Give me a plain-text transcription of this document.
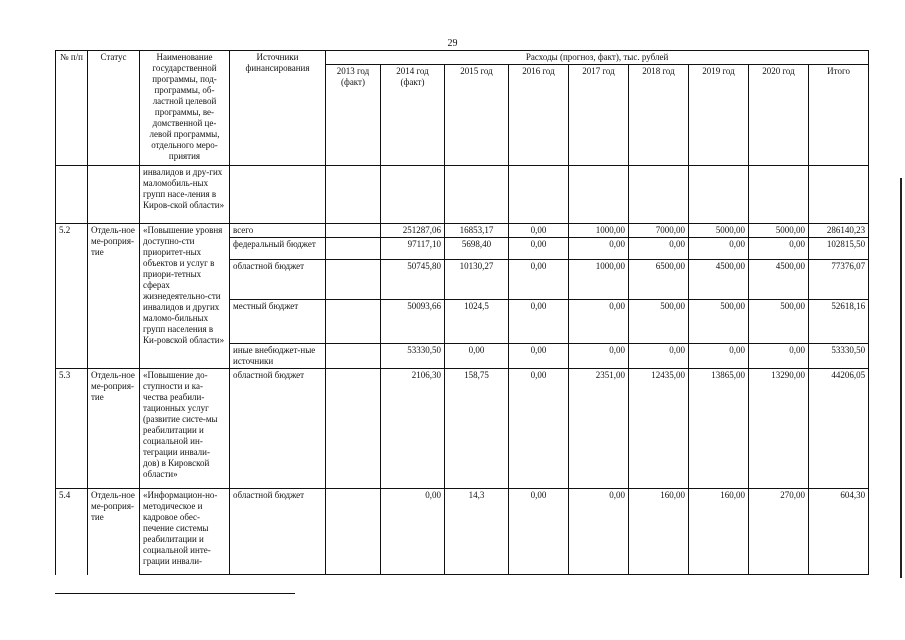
29
№ п/п	Статус	Наименование государственной программы, под-программы, об-ластной целевой программы, ве-домственной це-левой программы, отдельного меро-приятия	Источники финансирования	Расходы (прогноз, факт), тыс. рублей								
				2013 год (факт)	2014 год (факт)	2015 год	2016 год	2017 год	2018 год	2019 год	2020 год	Итого
		инвалидов и дру-гих маломобиль-ных групп насе-ления в Киров-ской области»										
5.2	Отдель-ное ме-роприя-тие	«Повышение уровня доступно-сти приоритет-ных объектов и услуг в приори-тетных сферах жизнедеятельно-сти инвалидов и других маломо-бильных групп населения в Ки-ровской области»	всего		251287,06	16853,17	0,00	1000,00	7000,00	5000,00	5000,00	286140,23
			федеральный бюджет		97117,10	5698,40	0,00	0,00	0,00	0,00	0,00	102815,50
			областной бюджет		50745,80	10130,27	0,00	1000,00	6500,00	4500,00	4500,00	77376,07
			местный бюджет		50093,66	1024,5	0,00	0,00	500,00	500,00	500,00	52618,16
			иные внебюджет-ные источники		53330,50	0,00	0,00	0,00	0,00	0,00	0,00	53330,50
5.3	Отдель-ное ме-роприя-тие	«Повышение до-ступности и ка-чества реабили-тационных услуг (развитие систе-мы реабилитации и социальной ин-теграции инвали-дов) в Кировской области»	областной бюджет		2106,30	158,75	0,00	2351,00	12435,00	13865,00	13290,00	44206,05
5.4	Отдель-ное ме-роприя-тие	«Информацион-но-методическое и кадровое обес-печение системы реабилитации и социальной инте-грации инвали-	областной бюджет		0,00	14,3	0,00	0,00	160,00	160,00	270,00	604,30
